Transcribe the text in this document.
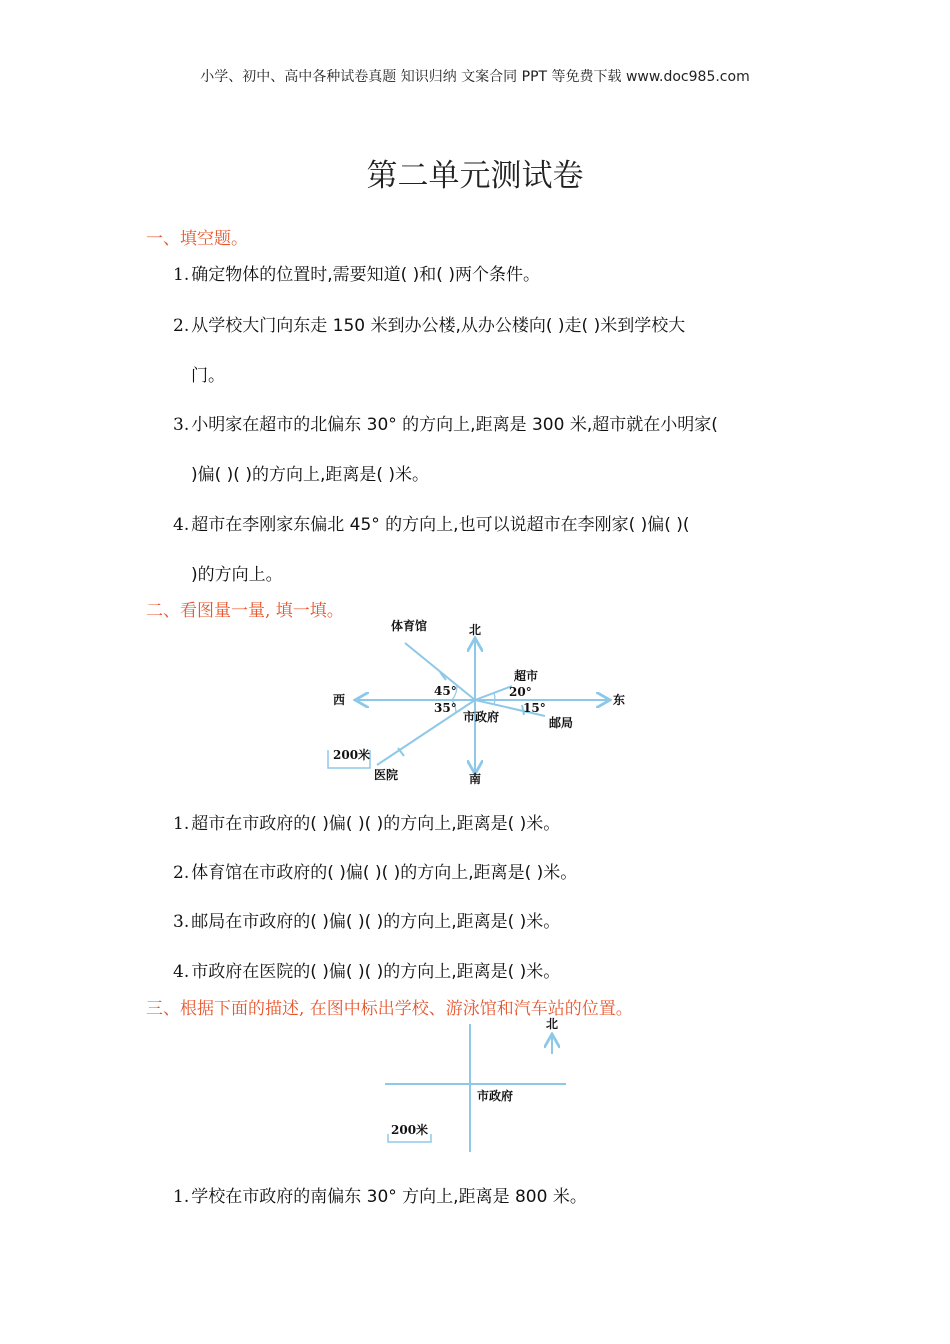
小学、初中、高中各种试卷真题 知识归纳 文案合同 PPT 等免费下载 www.doc985.com
第二单元测试卷
一、填空题。
1. 确定物体的位置时,需要知道( )和( )两个条件。
2. 从学校大门向东走 150 米到办公楼,从办公楼向( )走( )米到学校大
门。
3. 小明家在超市的北偏东 30° 的方向上,距离是 300 米,超市就在小明家(
)偏( )( )的方向上,距离是( )米。
4. 超市在李刚家东偏北 45° 的方向上,也可以说超市在李刚家( )偏( )(
)的方向上。
二、看图量一量, 填一填。
体育馆	北
西	东
超市
45°
35°
20°
15°
市政府	邮局
200米
医院	南
1. 超市在市政府的( )偏( )( )的方向上,距离是( )米。
2. 体育馆在市政府的( )偏( )( )的方向上,距离是( )米。
3. 邮局在市政府的( )偏( )( )的方向上,距离是( )米。
4. 市政府在医院的( )偏( )( )的方向上,距离是( )米。
三、根据下面的描述, 在图中标出学校、游泳馆和汽车站的位置。
北
市政府
200米
1. 学校在市政府的南偏东 30° 方向上,距离是 800 米。
